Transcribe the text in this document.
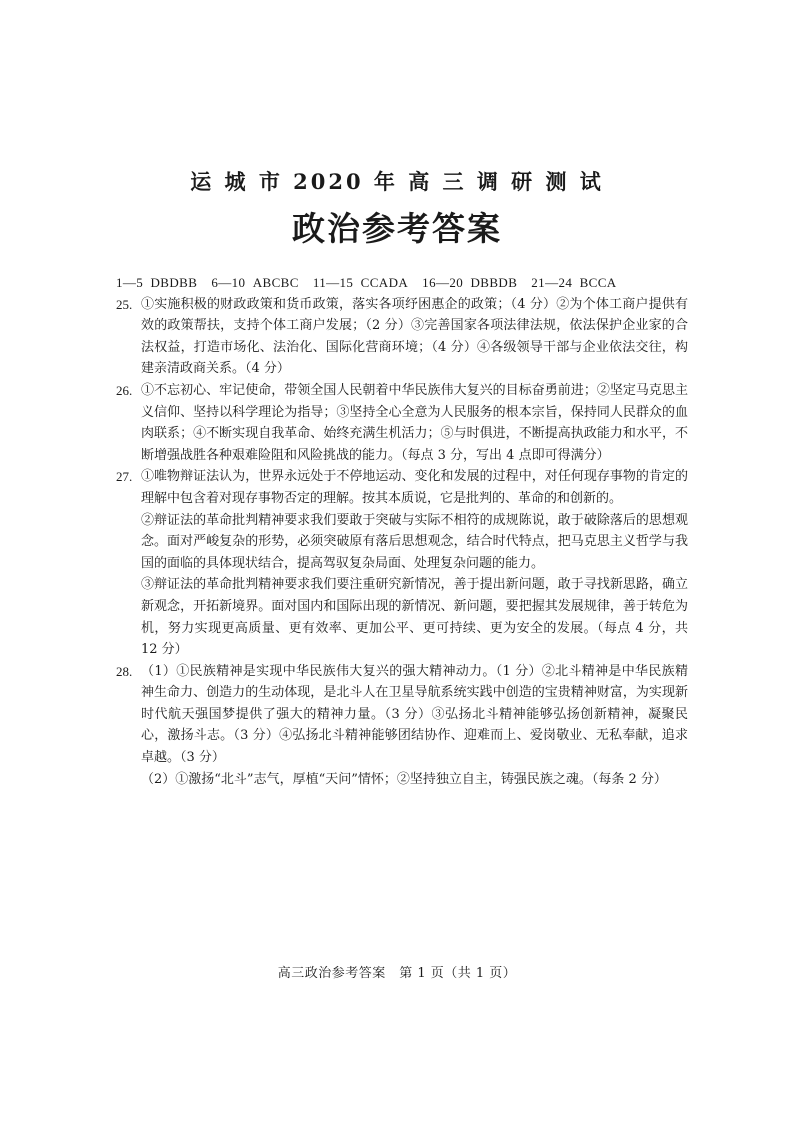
运 城 市 2020 年 高 三 调 研 测 试
政治参考答案
1—5 DBDBB 6—10 ABCBC 11—15 CCADA 16—20 DBBDB 21—24 BCCA
25. ①实施积极的财政政策和货币政策，落实各项纾困惠企的政策；（4 分）②为个体工商户提供有效的政策帮扶，支持个体工商户发展；（2 分）③完善国家各项法律法规，依法保护企业家的合法权益，打造市场化、法治化、国际化营商环境；（4 分）④各级领导干部与企业依法交往，构建亲清政商关系。（4 分）

26. ①不忘初心、牢记使命，带领全国人民朝着中华民族伟大复兴的目标奋勇前进；②坚定马克思主义信仰、坚持以科学理论为指导；③坚持全心全意为人民服务的根本宗旨，保持同人民群众的血肉联系；④不断实现自我革命、始终充满生机活力；⑤与时俱进，不断提高执政能力和水平，不断增强战胜各种艰难险阻和风险挑战的能力。（每点 3 分，写出 4 点即可得满分）

27. ①唯物辩证法认为，世界永远处于不停地运动、变化和发展的过程中，对任何现存事物的肯定的理解中包含着对现存事物否定的理解。按其本质说，它是批判的、革命的和创新的。

②辩证法的革命批判精神要求我们要敢于突破与实际不相符的成规陈说，敢于破除落后的思想观念。面对严峻复杂的形势，必须突破原有落后思想观念，结合时代特点，把马克思主义哲学与我国的面临的具体现状结合，提高驾驭复杂局面、处理复杂问题的能力。

③辩证法的革命批判精神要求我们要注重研究新情况，善于提出新问题，敢于寻找新思路，确立新观念，开拓新境界。面对国内和国际出现的新情况、新问题，要把握其发展规律，善于转危为机，努力实现更高质量、更有效率、更加公平、更可持续、更为安全的发展。（每点 4 分，共 12 分）

28. （1）①民族精神是实现中华民族伟大复兴的强大精神动力。（1 分）②北斗精神是中华民族精神生命力、创造力的生动体现，是北斗人在卫星导航系统实践中创造的宝贵精神财富，为实现新时代航天强国梦提供了强大的精神力量。（3 分）③弘扬北斗精神能够弘扬创新精神，凝聚民心，激扬斗志。（3 分）④弘扬北斗精神能够团结协作、迎难而上、爱岗敬业、无私奉献，追求卓越。（3 分）

（2）①激扬“北斗”志气，厚植“天问”情怀；②坚持独立自主，铸强民族之魂。（每条 2 分）

高三政治参考答案　第 1 页（共 1 页）
